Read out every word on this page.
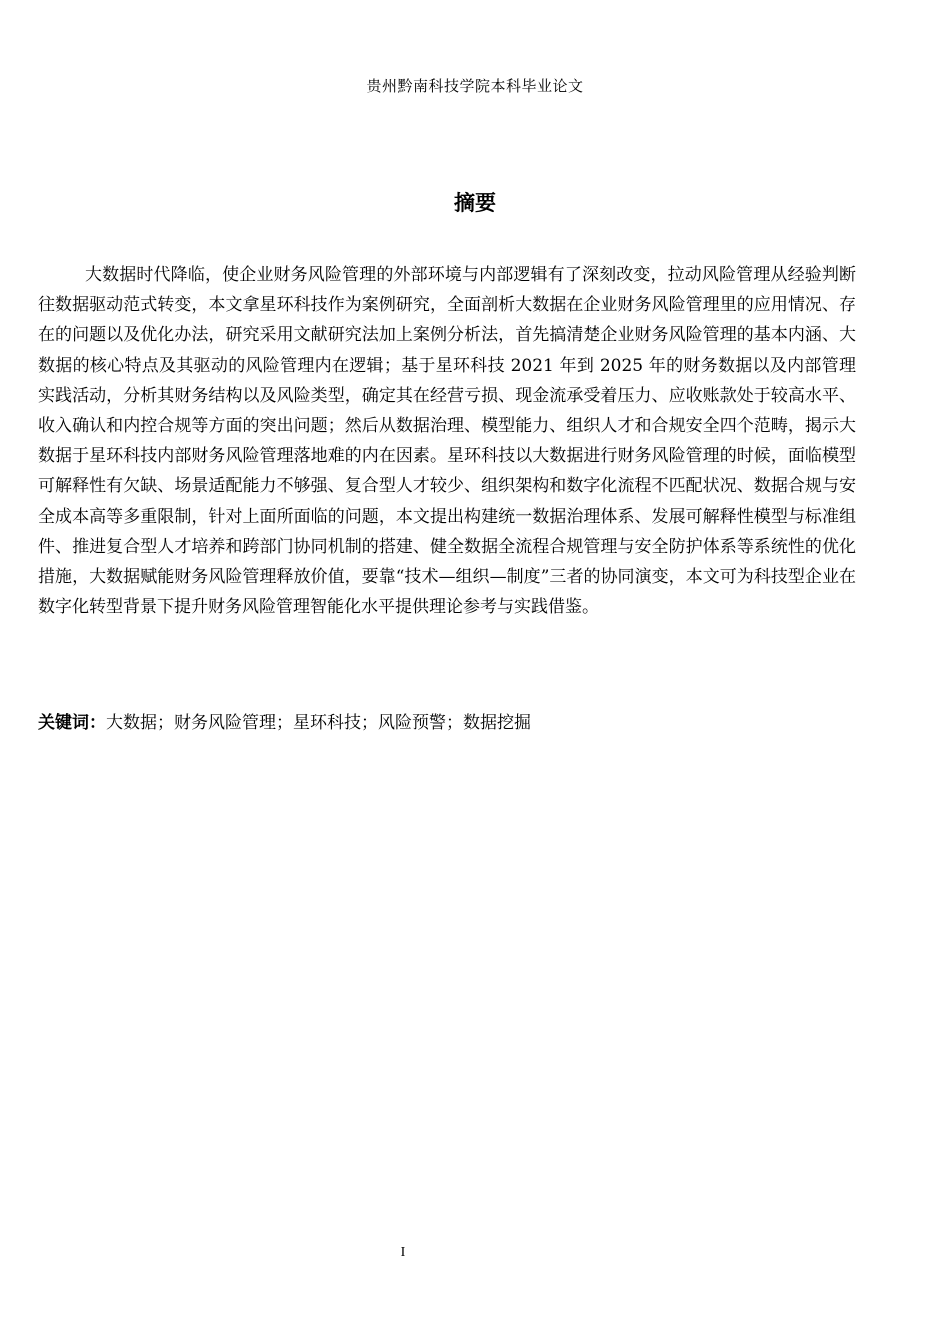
贵州黔南科技学院本科毕业论文
摘要

大数据时代降临，使企业财务风险管理的外部环境与内部逻辑有了深刻改变，拉动风险管理从经验判断往数据驱动范式转变，本文拿星环科技作为案例研究，全面剖析大数据在企业财务风险管理里的应用情况、存在的问题以及优化办法，研究采用文献研究法加上案例分析法，首先搞清楚企业财务风险管理的基本内涵、大数据的核心特点及其驱动的风险管理内在逻辑；基于星环科技 2021 年到 2025 年的财务数据以及内部管理实践活动，分析其财务结构以及风险类型，确定其在经营亏损、现金流承受着压力、应收账款处于较高水平、收入确认和内控合规等方面的突出问题；然后从数据治理、模型能力、组织人才和合规安全四个范畴，揭示大数据于星环科技内部财务风险管理落地难的内在因素。星环科技以大数据进行财务风险管理的时候，面临模型可解释性有欠缺、场景适配能力不够强、复合型人才较少、组织架构和数字化流程不匹配状况、数据合规与安全成本高等多重限制，针对上面所面临的问题，本文提出构建统一数据治理体系、发展可解释性模型与标准组件、推进复合型人才培养和跨部门协同机制的搭建、健全数据全流程合规管理与安全防护体系等系统性的优化措施，大数据赋能财务风险管理释放价值，要靠“技术—组织—制度”三者的协同演变，本文可为科技型企业在数字化转型背景下提升财务风险管理智能化水平提供理论参考与实践借鉴。

关键词：大数据；财务风险管理；星环科技；风险预警；数据挖掘
I
